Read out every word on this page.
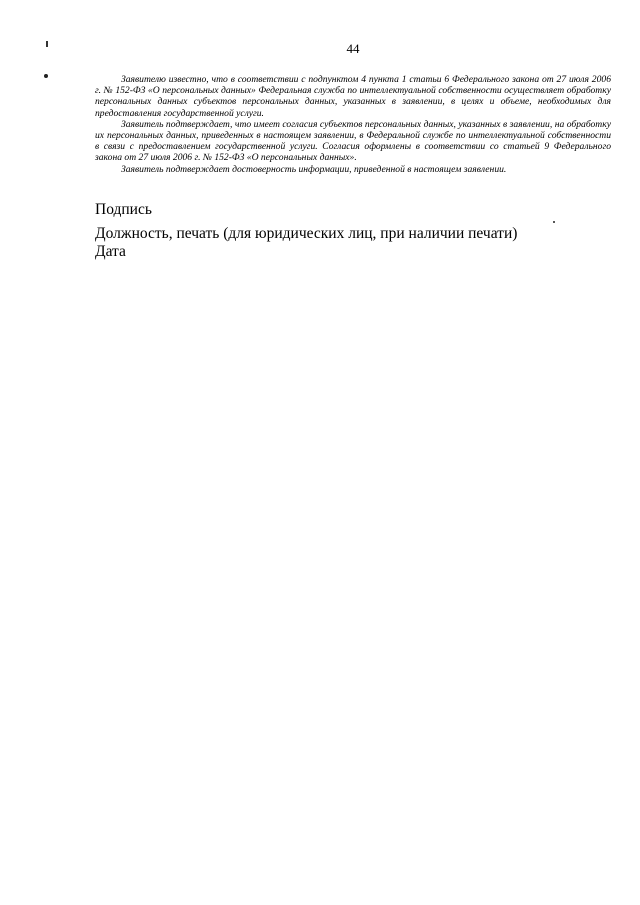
44

Заявителю известно, что в соответствии с подпунктом 4 пункта 1 статьи 6 Федерального закона от 27 июля 2006 г. № 152-ФЗ «О персональных данных» Федеральная служба по интеллектуальной собственности осуществляет обработку персональных данных субъектов персональных данных, указанных в заявлении, в целях и объеме, необходимых для предоставления государственной услуги.

Заявитель подтверждает, что имеет согласия субъектов персональных данных, указанных в заявлении, на обработку их персональных данных, приведенных в настоящем заявлении, в Федеральной службе по интеллектуальной собственности в связи с предоставлением государственной услуги. Согласия оформлены в соответствии со статьей 9 Федерального закона от 27 июля 2006 г. № 152-ФЗ «О персональных данных».

Заявитель подтверждает достоверность информации, приведенной в настоящем заявлении.

Подпись
Должность, печать (для юридических лиц, при наличии печати)
Дата
